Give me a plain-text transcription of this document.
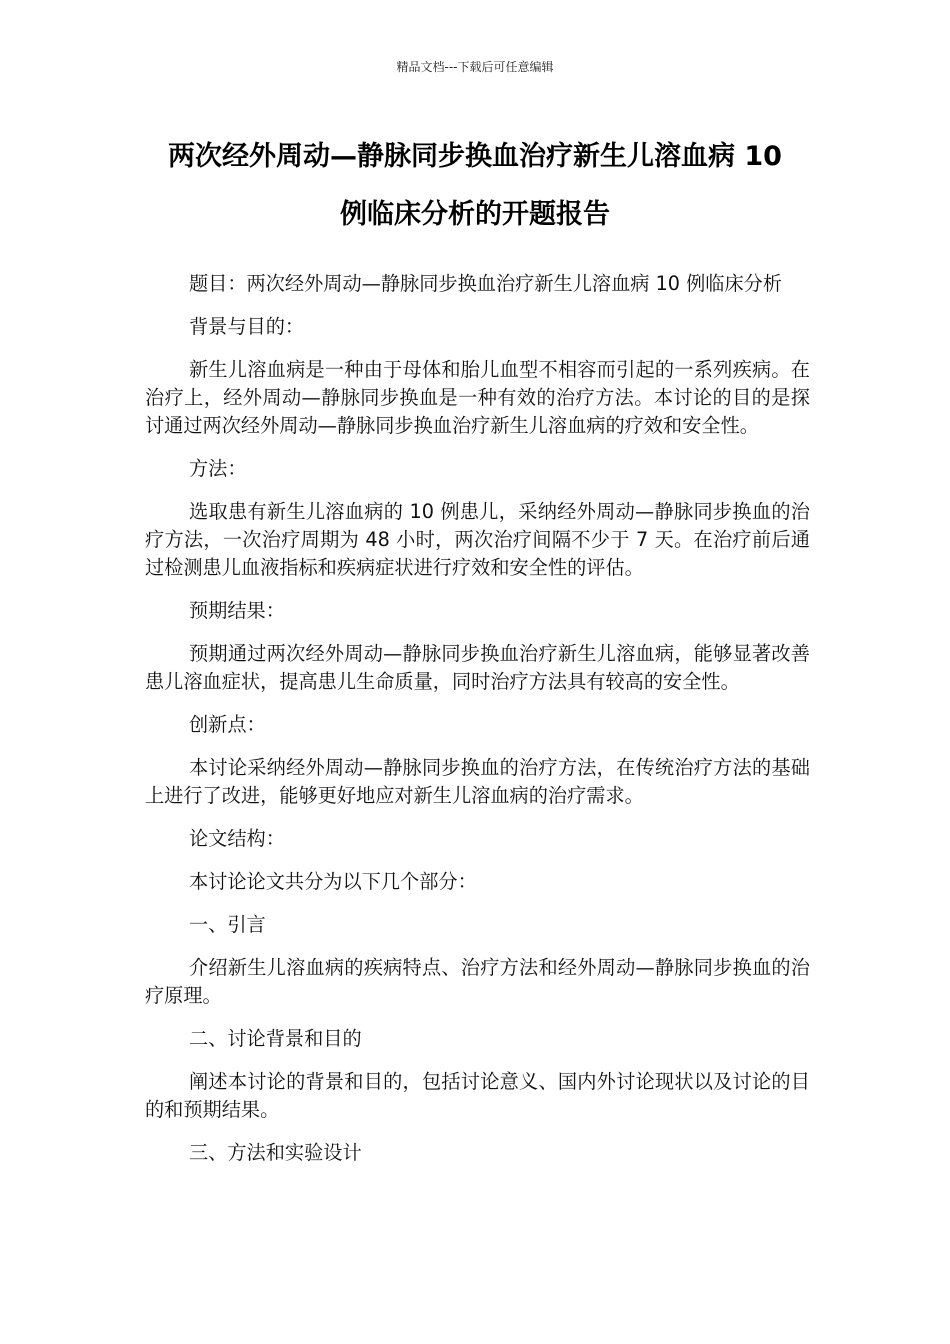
精品文档---下载后可任意编辑
两次经外周动—静脉同步换血治疗新生儿溶血病 10
例临床分析的开题报告

题目：两次经外周动—静脉同步换血治疗新生儿溶血病 10 例临床分析

背景与目的：

新生儿溶血病是一种由于母体和胎儿血型不相容而引起的一系列疾病。在治疗上，经外周动—静脉同步换血是一种有效的治疗方法。本讨论的目的是探讨通过两次经外周动—静脉同步换血治疗新生儿溶血病的疗效和安全性。

方法：

选取患有新生儿溶血病的 10 例患儿，采纳经外周动—静脉同步换血的治疗方法，一次治疗周期为 48 小时，两次治疗间隔不少于 7 天。在治疗前后通过检测患儿血液指标和疾病症状进行疗效和安全性的评估。

预期结果：

预期通过两次经外周动—静脉同步换血治疗新生儿溶血病，能够显著改善患儿溶血症状，提高患儿生命质量，同时治疗方法具有较高的安全性。

创新点：

本讨论采纳经外周动—静脉同步换血的治疗方法，在传统治疗方法的基础上进行了改进，能够更好地应对新生儿溶血病的治疗需求。

论文结构：

本讨论论文共分为以下几个部分：

一、引言

介绍新生儿溶血病的疾病特点、治疗方法和经外周动—静脉同步换血的治疗原理。

二、讨论背景和目的

阐述本讨论的背景和目的，包括讨论意义、国内外讨论现状以及讨论的目的和预期结果。

三、方法和实验设计
